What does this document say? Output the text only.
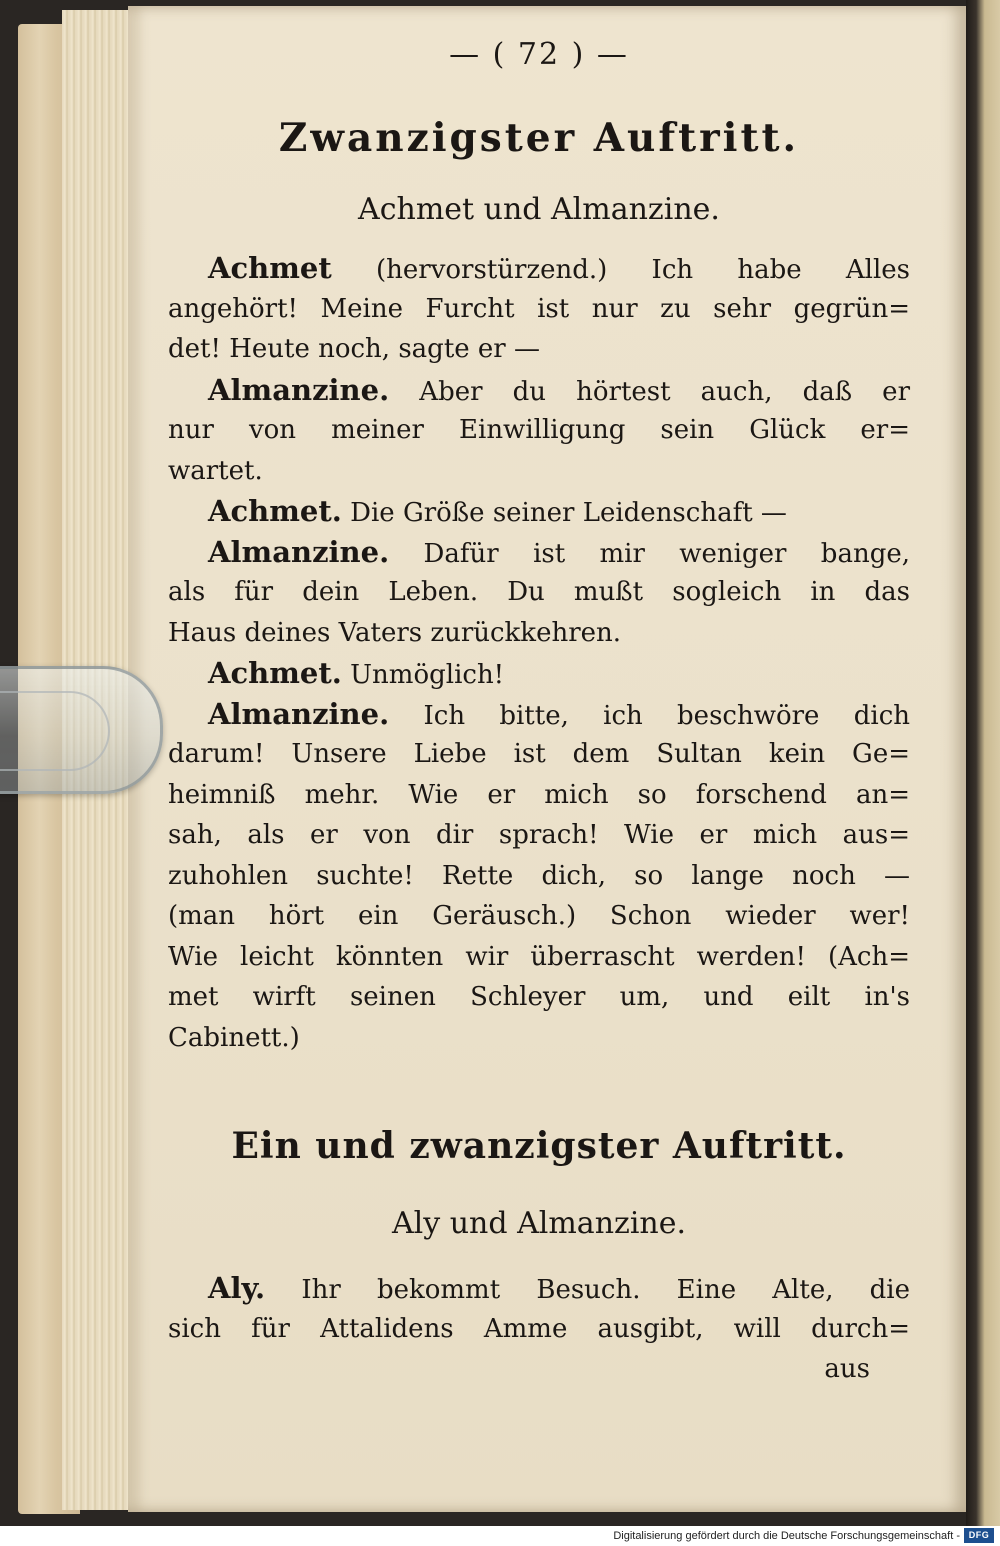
— ( 72 ) —
Zwanzigster Auftritt.
Achmet und Almanzine.
Achmet (hervorstürzend.) Ich habe Alles
angehört! Meine Furcht ist nur zu sehr gegrün=
det! Heute noch, sagte er —
Almanzine. Aber du hörtest auch, daß er
nur von meiner Einwilligung sein Glück er=
wartet.
Achmet. Die Größe seiner Leidenschaft —
Almanzine. Dafür ist mir weniger bange,
als für dein Leben. Du mußt sogleich in das
Haus deines Vaters zurückkehren.
Achmet. Unmöglich!
Almanzine. Ich bitte, ich beschwöre dich
darum! Unsere Liebe ist dem Sultan kein Ge=
heimniß mehr. Wie er mich so forschend an=
sah, als er von dir sprach! Wie er mich aus=
zuhohlen suchte! Rette dich, so lange noch —
(man hört ein Geräusch.) Schon wieder wer!
Wie leicht könnten wir überrascht werden! (Ach=
met wirft seinen Schleyer um, und eilt in's
Cabinett.)
Ein und zwanzigster Auftritt.
Aly und Almanzine.
Aly. Ihr bekommt Besuch. Eine Alte, die
sich für Attalidens Amme ausgibt, will durch=
aus
Digitalisierung gefördert durch die Deutsche Forschungsgemeinschaft - DFG
